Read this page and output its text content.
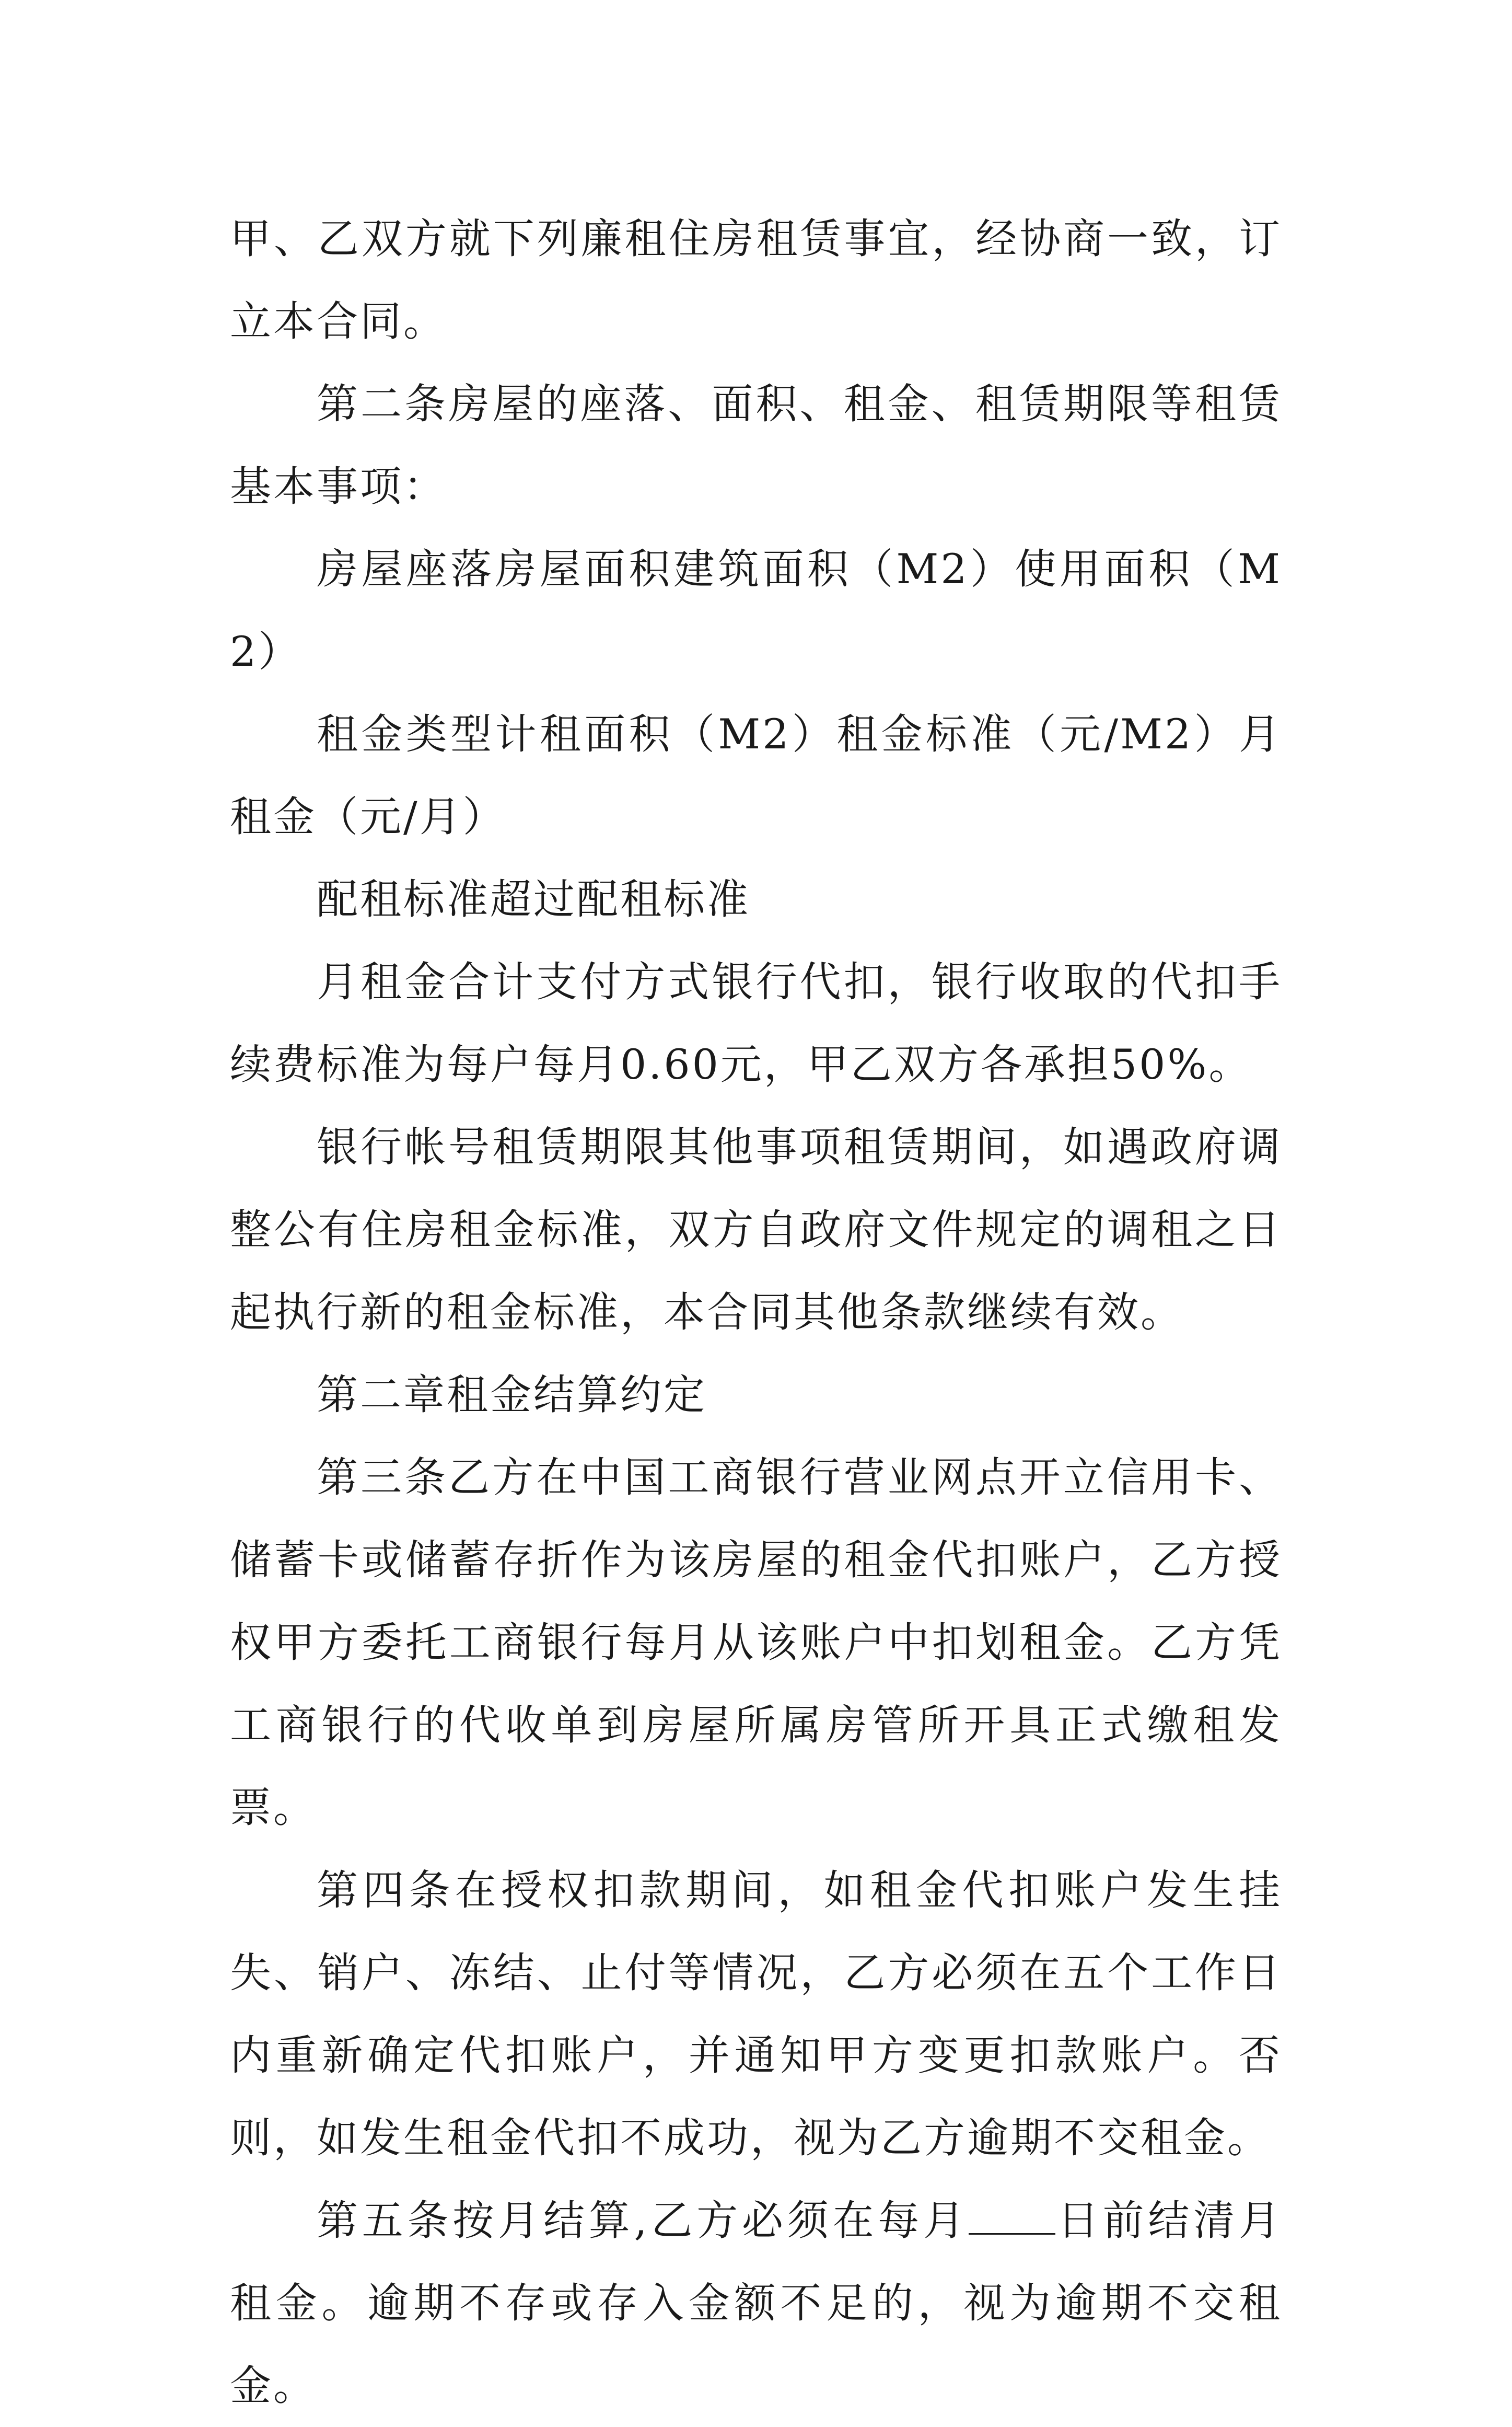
甲、乙双方就下列廉租住房租赁事宜，经协商一致，订立本合同。

第二条房屋的座落、面积、租金、租赁期限等租赁基本事项：

房屋座落房屋面积建筑面积（M2）使用面积（M2）

租金类型计租面积（M2）租金标准（元/M2）月租金（元/月）

配租标准超过配租标准

月租金合计支付方式银行代扣，银行收取的代扣手续费标准为每户每月0.60元，甲乙双方各承担50%。

银行帐号租赁期限其他事项租赁期间，如遇政府调整公有住房租金标准，双方自政府文件规定的调租之日起执行新的租金标准，本合同其他条款继续有效。

第二章租金结算约定

第三条乙方在中国工商银行营业网点开立信用卡、储蓄卡或储蓄存折作为该房屋的租金代扣账户，乙方授权甲方委托工商银行每月从该账户中扣划租金。乙方凭工商银行的代收单到房屋所属房管所开具正式缴租发票。

第四条在授权扣款期间，如租金代扣账户发生挂失、销户、冻结、止付等情况，乙方必须在五个工作日内重新确定代扣账户，并通知甲方变更扣款账户。否则，如发生租金代扣不成功，视为乙方逾期不交租金。

第五条按月结算,乙方必须在每月 日前结清月租金。逾期不存或存入金额不足的，视为逾期不交租金。
